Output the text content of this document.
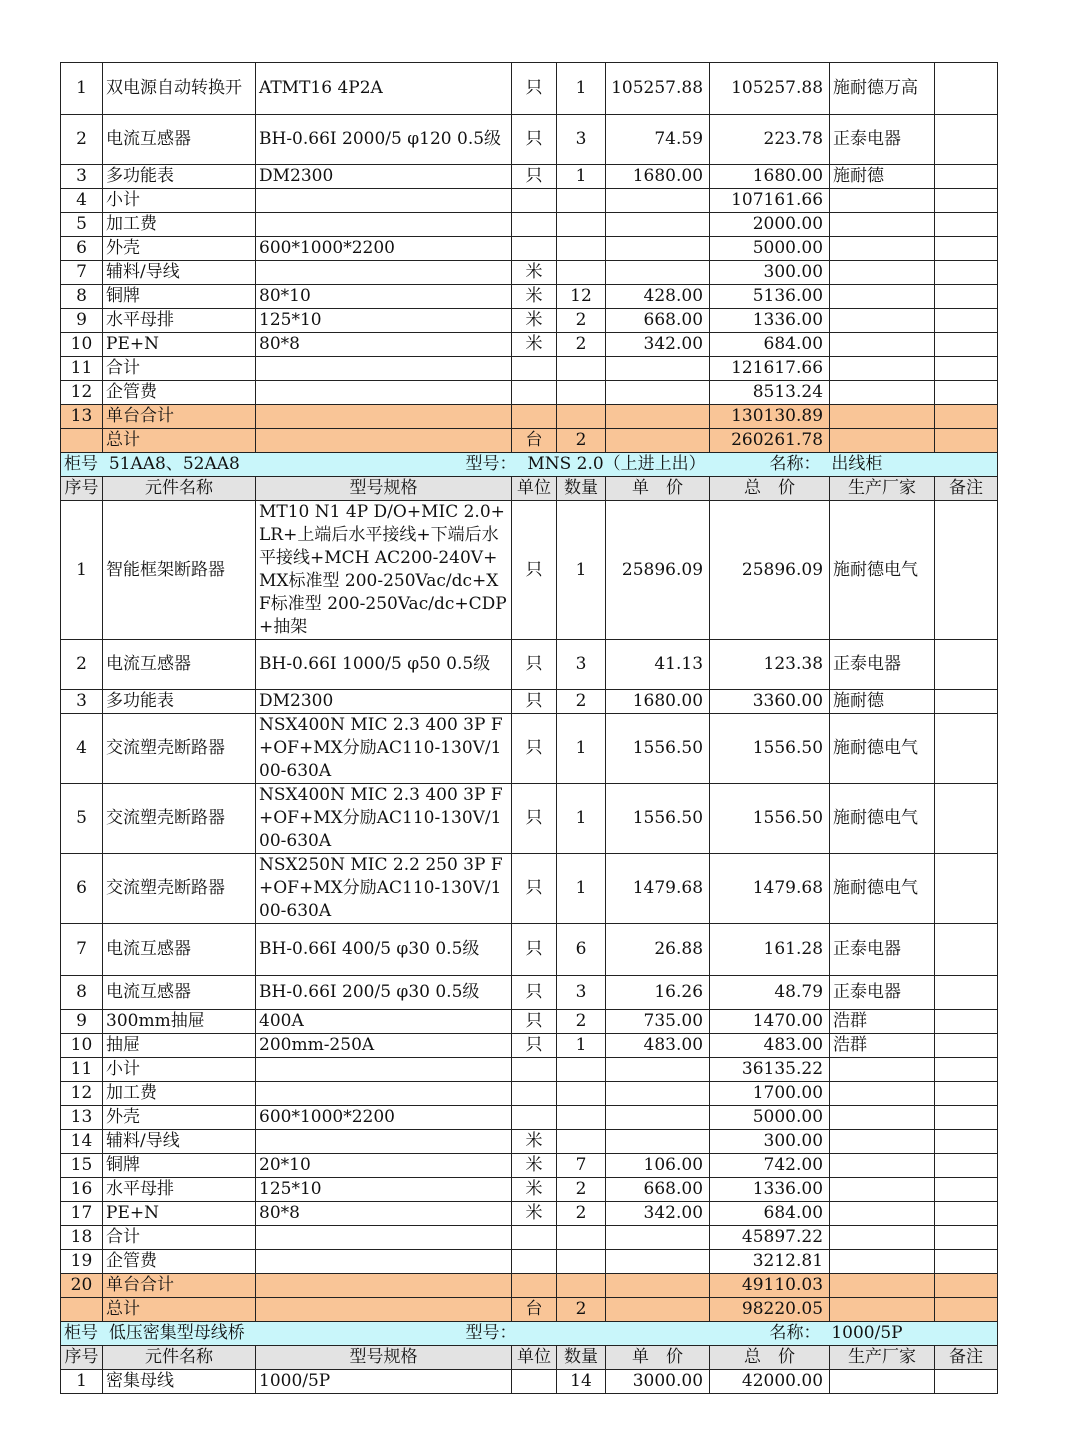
1	双电源自动转换开	ATMT16 4P2A	只	1	105257.88	105257.88	施耐德万高	
2	电流互感器	BH-0.66Ⅰ 2000/5 φ120 0.5级	只	3	74.59	223.78	正泰电器	
3	多功能表	DM2300	只	1	1680.00	1680.00	施耐德	
4	小计					107161.66		
5	加工费					2000.00		
6	外壳	600*1000*2200				5000.00		
7	辅料/导线		米			300.00		
8	铜牌	80*10	米	12	428.00	5136.00		
9	水平母排	125*10	米	2	668.00	1336.00		
10	PE+N	80*8	米	2	342.00	684.00		
11	合计					121617.66		
12	企管费					8513.24		
13	单台合计					130130.89		
	总计		台	2		260261.78		
柜号 51AA8、52AA8		型号： MNS 2.0（上进上出）				名称： 出线柜		
序号	元件名称	型号规格	单位	数量	单　价	总　价	生产厂家	备注
1	智能框架断路器	MT10 N1 4P D/O+MIC 2.0+LR+上端后水平接线+下端后水平接线+MCH AC200-240V+MX标准型 200-250Vac/dc+XF标准型 200-250Vac/dc+CDP+抽架	只	1	25896.09	25896.09	施耐德电气	
2	电流互感器	BH-0.66Ⅰ 1000/5 φ50 0.5级	只	3	41.13	123.38	正泰电器	
3	多功能表	DM2300	只	2	1680.00	3360.00	施耐德	
4	交流塑壳断路器	NSX400N MIC 2.3 400 3P F+OF+MX分励AC110-130V/100-630A	只	1	1556.50	1556.50	施耐德电气	
5	交流塑壳断路器	NSX400N MIC 2.3 400 3P F+OF+MX分励AC110-130V/100-630A	只	1	1556.50	1556.50	施耐德电气	
6	交流塑壳断路器	NSX250N MIC 2.2 250 3P F+OF+MX分励AC110-130V/100-630A	只	1	1479.68	1479.68	施耐德电气	
7	电流互感器	BH-0.66Ⅰ 400/5 φ30 0.5级	只	6	26.88	161.28	正泰电器	
8	电流互感器	BH-0.66Ⅰ 200/5 φ30 0.5级	只	3	16.26	48.79	正泰电器	
9	300mm抽屉	400A	只	2	735.00	1470.00	浩群	
10	抽屉	200mm-250A	只	1	483.00	483.00	浩群	
11	小计					36135.22		
12	加工费					1700.00		
13	外壳	600*1000*2200				5000.00		
14	辅料/导线		米			300.00		
15	铜牌	20*10	米	7	106.00	742.00		
16	水平母排	125*10	米	2	668.00	1336.00		
17	PE+N	80*8	米	2	342.00	684.00		
18	合计					45897.22		
19	企管费					3212.81		
20	单台合计					49110.03		
	总计		台	2		98220.05		
柜号 低压密集型母线桥		型号：				名称： 1000/5P		
序号	元件名称	型号规格	单位	数量	单　价	总　价	生产厂家	备注
1	密集母线	1000/5P		14	3000.00	42000.00		
